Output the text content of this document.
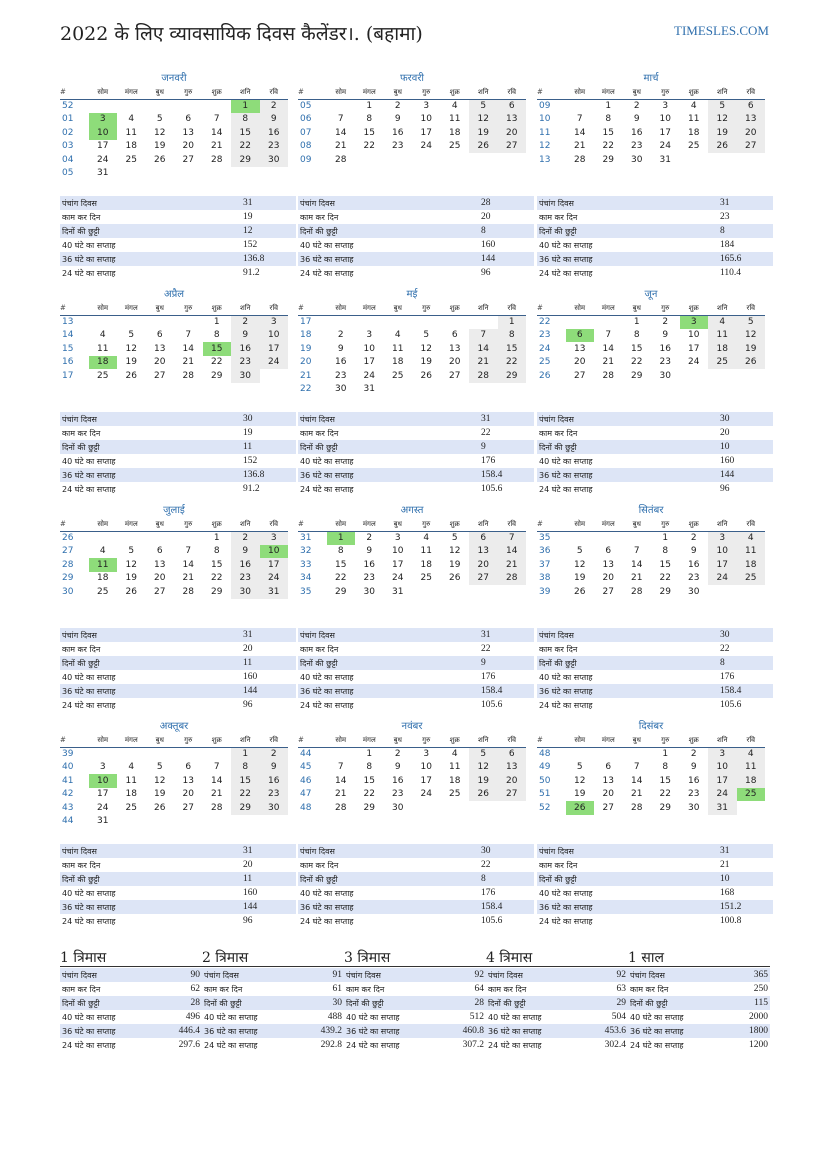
2022 के लिए व्यावसायिक दिवस कैलेंडर।. (बहामा)	TIMESLES.COM
जनवरी
#	सोम	मंगल	बुध	गुरु	शुक्र	शनि	रवि
52						1	2
01	3	4	5	6	7	8	9
02	10	11	12	13	14	15	16
03	17	18	19	20	21	22	23
04	24	25	26	27	28	29	30
05	31						
पंचांग दिवस	31
काम कर दिन	19
दिनों की छुट्टी	12
40 घंटे का सप्ताह	152
36 घंटे का सप्ताह	136.8
24 घंटे का सप्ताह	91.2
फरवरी
#	सोम	मंगल	बुध	गुरु	शुक्र	शनि	रवि
05		1	2	3	4	5	6
06	7	8	9	10	11	12	13
07	14	15	16	17	18	19	20
08	21	22	23	24	25	26	27
09	28						
पंचांग दिवस	28
काम कर दिन	20
दिनों की छुट्टी	8
40 घंटे का सप्ताह	160
36 घंटे का सप्ताह	144
24 घंटे का सप्ताह	96
मार्च
#	सोम	मंगल	बुध	गुरु	शुक्र	शनि	रवि
09		1	2	3	4	5	6
10	7	8	9	10	11	12	13
11	14	15	16	17	18	19	20
12	21	22	23	24	25	26	27
13	28	29	30	31			
पंचांग दिवस	31
काम कर दिन	23
दिनों की छुट्टी	8
40 घंटे का सप्ताह	184
36 घंटे का सप्ताह	165.6
24 घंटे का सप्ताह	110.4
अप्रैल
#	सोम	मंगल	बुध	गुरु	शुक्र	शनि	रवि
13					1	2	3
14	4	5	6	7	8	9	10
15	11	12	13	14	15	16	17
16	18	19	20	21	22	23	24
17	25	26	27	28	29	30	
पंचांग दिवस	30
काम कर दिन	19
दिनों की छुट्टी	11
40 घंटे का सप्ताह	152
36 घंटे का सप्ताह	136.8
24 घंटे का सप्ताह	91.2
मई
#	सोम	मंगल	बुध	गुरु	शुक्र	शनि	रवि
17							1
18	2	3	4	5	6	7	8
19	9	10	11	12	13	14	15
20	16	17	18	19	20	21	22
21	23	24	25	26	27	28	29
22	30	31					
पंचांग दिवस	31
काम कर दिन	22
दिनों की छुट्टी	9
40 घंटे का सप्ताह	176
36 घंटे का सप्ताह	158.4
24 घंटे का सप्ताह	105.6
जून
#	सोम	मंगल	बुध	गुरु	शुक्र	शनि	रवि
22			1	2	3	4	5
23	6	7	8	9	10	11	12
24	13	14	15	16	17	18	19
25	20	21	22	23	24	25	26
26	27	28	29	30			
पंचांग दिवस	30
काम कर दिन	20
दिनों की छुट्टी	10
40 घंटे का सप्ताह	160
36 घंटे का सप्ताह	144
24 घंटे का सप्ताह	96
जुलाई
#	सोम	मंगल	बुध	गुरु	शुक्र	शनि	रवि
26					1	2	3
27	4	5	6	7	8	9	10
28	11	12	13	14	15	16	17
29	18	19	20	21	22	23	24
30	25	26	27	28	29	30	31
पंचांग दिवस	31
काम कर दिन	20
दिनों की छुट्टी	11
40 घंटे का सप्ताह	160
36 घंटे का सप्ताह	144
24 घंटे का सप्ताह	96
अगस्त
#	सोम	मंगल	बुध	गुरु	शुक्र	शनि	रवि
31	1	2	3	4	5	6	7
32	8	9	10	11	12	13	14
33	15	16	17	18	19	20	21
34	22	23	24	25	26	27	28
35	29	30	31				
पंचांग दिवस	31
काम कर दिन	22
दिनों की छुट्टी	9
40 घंटे का सप्ताह	176
36 घंटे का सप्ताह	158.4
24 घंटे का सप्ताह	105.6
सितंबर
#	सोम	मंगल	बुध	गुरु	शुक्र	शनि	रवि
35				1	2	3	4
36	5	6	7	8	9	10	11
37	12	13	14	15	16	17	18
38	19	20	21	22	23	24	25
39	26	27	28	29	30		
पंचांग दिवस	30
काम कर दिन	22
दिनों की छुट्टी	8
40 घंटे का सप्ताह	176
36 घंटे का सप्ताह	158.4
24 घंटे का सप्ताह	105.6
अक्तूबर
#	सोम	मंगल	बुध	गुरु	शुक्र	शनि	रवि
39						1	2
40	3	4	5	6	7	8	9
41	10	11	12	13	14	15	16
42	17	18	19	20	21	22	23
43	24	25	26	27	28	29	30
44	31						
पंचांग दिवस	31
काम कर दिन	20
दिनों की छुट्टी	11
40 घंटे का सप्ताह	160
36 घंटे का सप्ताह	144
24 घंटे का सप्ताह	96
नवंबर
#	सोम	मंगल	बुध	गुरु	शुक्र	शनि	रवि
44		1	2	3	4	5	6
45	7	8	9	10	11	12	13
46	14	15	16	17	18	19	20
47	21	22	23	24	25	26	27
48	28	29	30				
पंचांग दिवस	30
काम कर दिन	22
दिनों की छुट्टी	8
40 घंटे का सप्ताह	176
36 घंटे का सप्ताह	158.4
24 घंटे का सप्ताह	105.6
दिसंबर
#	सोम	मंगल	बुध	गुरु	शुक्र	शनि	रवि
48				1	2	3	4
49	5	6	7	8	9	10	11
50	12	13	14	15	16	17	18
51	19	20	21	22	23	24	25
52	26	27	28	29	30	31	
पंचांग दिवस	31
काम कर दिन	21
दिनों की छुट्टी	10
40 घंटे का सप्ताह	168
36 घंटे का सप्ताह	151.2
24 घंटे का सप्ताह	100.8
1 त्रिमास
पंचांग दिवस	90
काम कर दिन	62
दिनों की छुट्टी	28
40 घंटे का सप्ताह	496
36 घंटे का सप्ताह	446.4
24 घंटे का सप्ताह	297.6
2 त्रिमास
पंचांग दिवस	91
काम कर दिन	61
दिनों की छुट्टी	30
40 घंटे का सप्ताह	488
36 घंटे का सप्ताह	439.2
24 घंटे का सप्ताह	292.8
3 त्रिमास
पंचांग दिवस	92
काम कर दिन	64
दिनों की छुट्टी	28
40 घंटे का सप्ताह	512
36 घंटे का सप्ताह	460.8
24 घंटे का सप्ताह	307.2
4 त्रिमास
पंचांग दिवस	92
काम कर दिन	63
दिनों की छुट्टी	29
40 घंटे का सप्ताह	504
36 घंटे का सप्ताह	453.6
24 घंटे का सप्ताह	302.4
1 साल
पंचांग दिवस	365
काम कर दिन	250
दिनों की छुट्टी	115
40 घंटे का सप्ताह	2000
36 घंटे का सप्ताह	1800
24 घंटे का सप्ताह	1200
